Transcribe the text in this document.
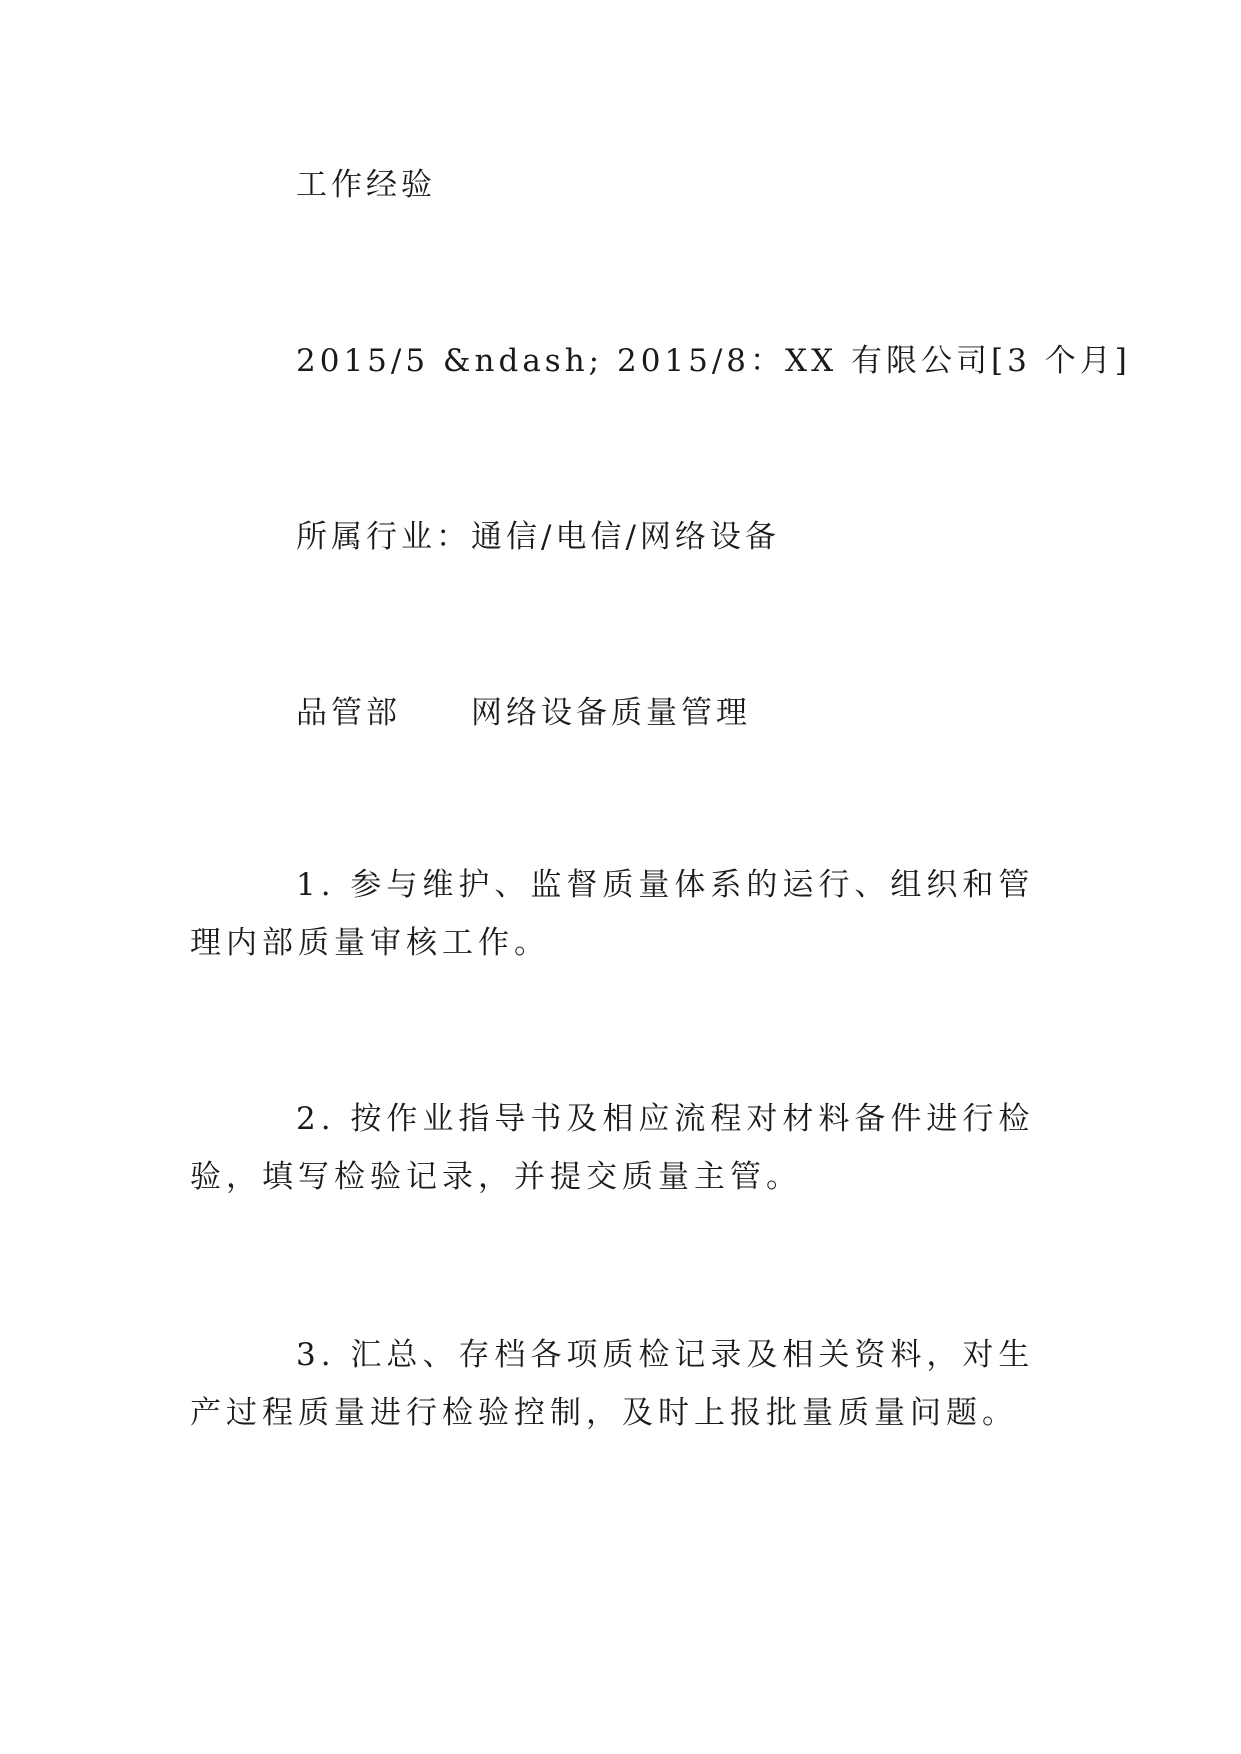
工作经验

2015/5 &ndash; 2015/8：XX 有限公司[3 个月]

所属行业：通信/电信/网络设备

品管部 网络设备质量管理

1. 参与维护、监督质量体系的运行、组织和管理内部质量审核工作。

2. 按作业指导书及相应流程对材料备件进行检验，填写检验记录，并提交质量主管。

3. 汇总、存档各项质检记录及相关资料，对生产过程质量进行检验控制，及时上报批量质量问题。
